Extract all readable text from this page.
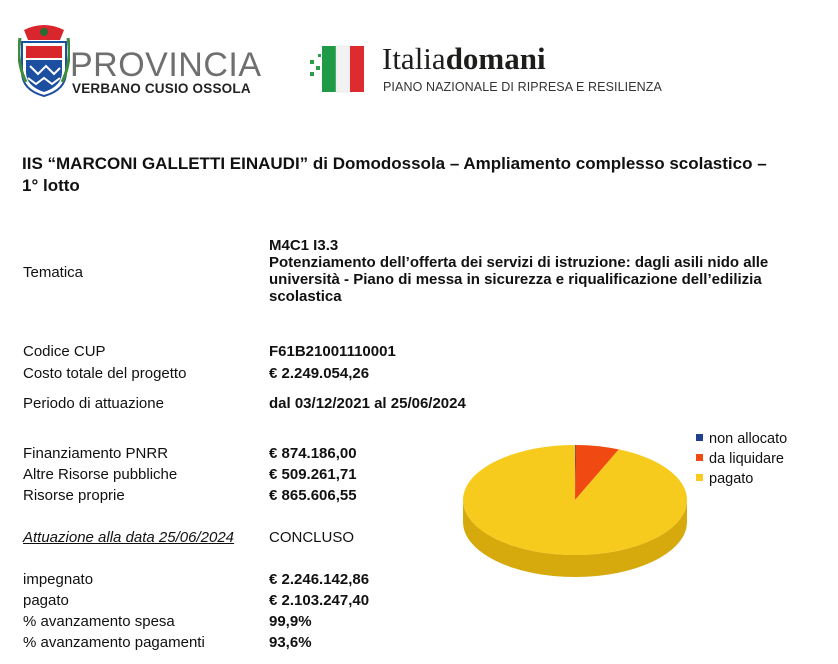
PROVINCIA
VERBANO CUSIO OSSOLA
Italiadomani
PIANO NAZIONALE DI RIPRESA E RESILIENZA
IIS “MARCONI GALLETTI EINAUDI” di Domodossola – Ampliamento complesso scolastico – 1° lotto
Tematica
M4C1 I3.3
Potenziamento dell’offerta dei servizi di istruzione: dagli asili nido alle università - Piano di messa in sicurezza e riqualificazione dell’edilizia scolastica
Codice CUP	F61B21001110001
Costo totale del progetto	€ 2.249.054,26
Periodo di attuazione	dal 03/12/2021 al 25/06/2024
Finanziamento PNRR	€ 874.186,00
Altre Risorse pubbliche	€ 509.261,71
Risorse proprie	€ 865.606,55
Attuazione alla data 25/06/2024 CONCLUSO
impegnato	€ 2.246.142,86
pagato	€ 2.103.247,40
% avanzamento spesa	99,9%
% avanzamento pagamenti	93,6%
non allocato
da liquidare
pagato
